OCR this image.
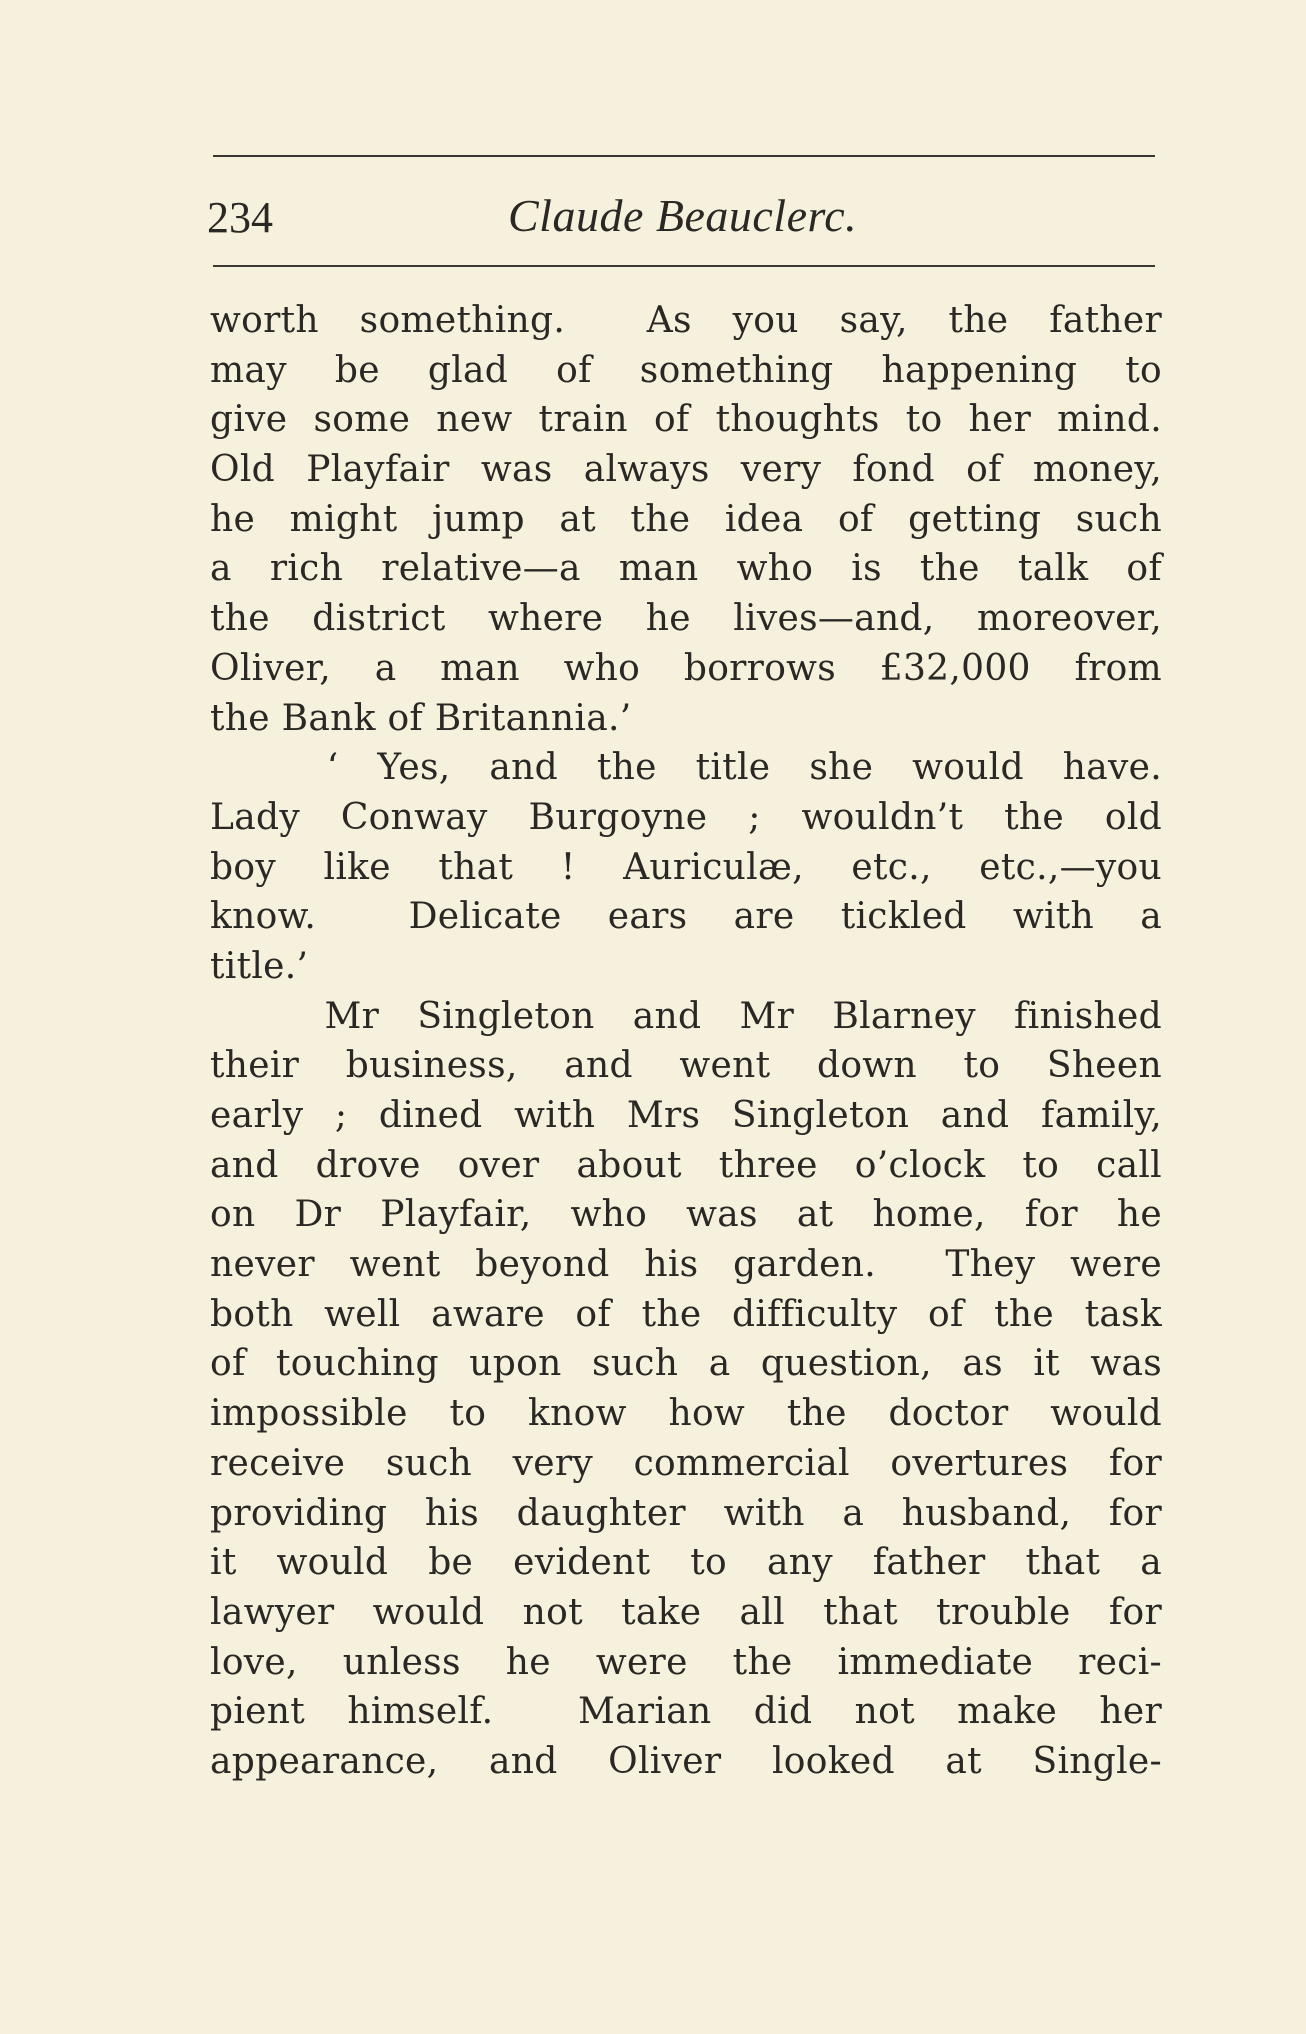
234	Claude Beauclerc.
worth something.  As you say, the father
may be glad of something happening to
give some new train of thoughts to her mind.
Old Playfair was always very fond of money,
he might jump at the idea of getting such
a rich relative—a man who is the talk of
the district where he lives—and, moreover,
Oliver, a man who borrows £32,000 from
the Bank of Britannia.’
‘ Yes, and the title she would have.
Lady Conway Burgoyne ; wouldn’t the old
boy like that ! Auriculæ, etc., etc.,—you
know.  Delicate ears are tickled with a
title.’
Mr Singleton and Mr Blarney finished
their business, and went down to Sheen
early ; dined with Mrs Singleton and family,
and drove over about three o’clock to call
on Dr Playfair, who was at home, for he
never went beyond his garden.  They were
both well aware of the difficulty of the task
of touching upon such a question, as it was
impossible to know how the doctor would
receive such very commercial overtures for
providing his daughter with a husband, for
it would be evident to any father that a
lawyer would not take all that trouble for
love, unless he were the immediate reci-
pient himself.  Marian did not make her
appearance, and Oliver looked at Single-
